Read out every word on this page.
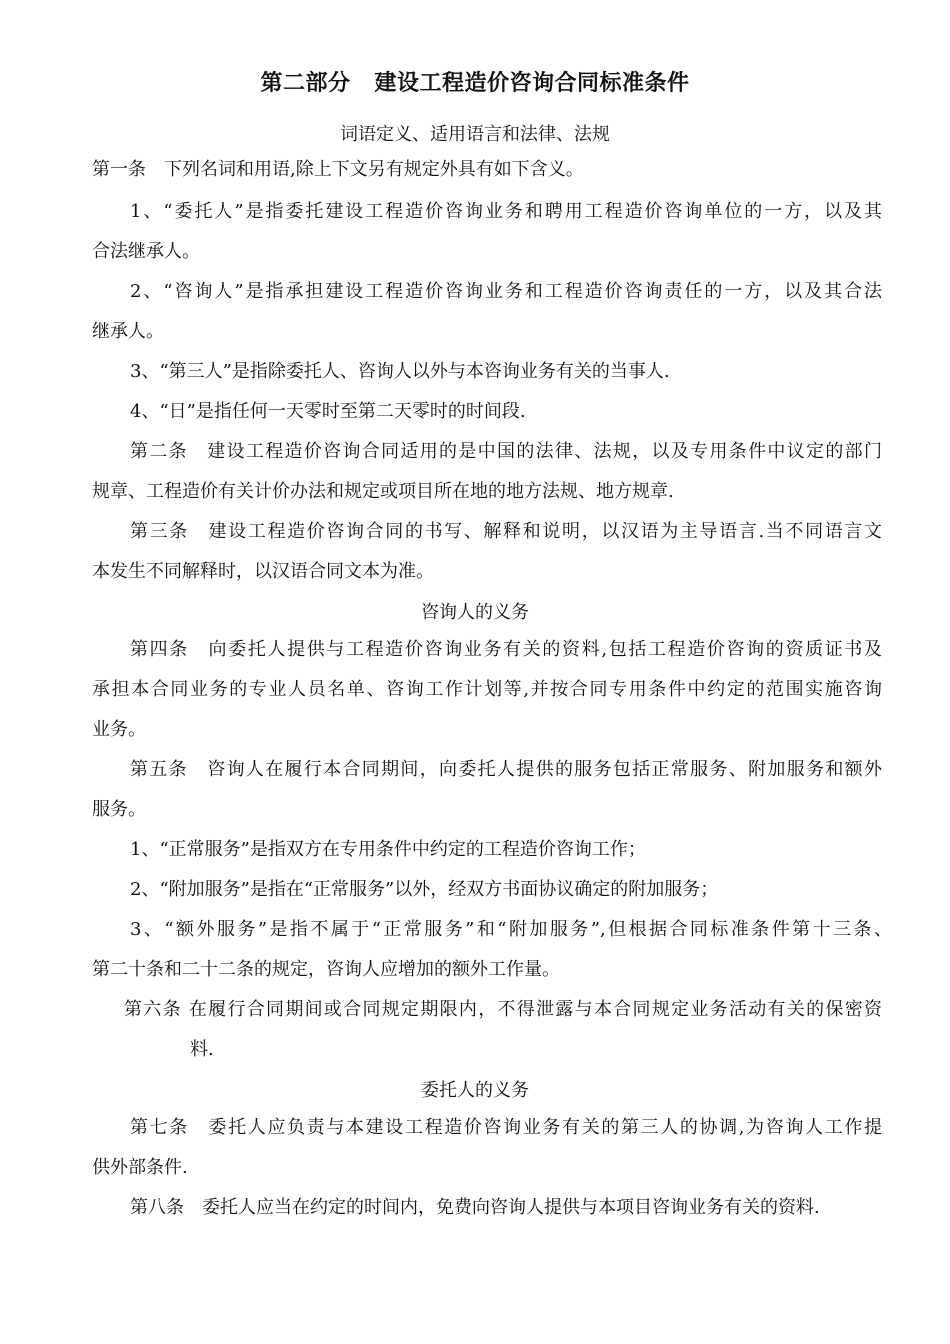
第二部分 建设工程造价咨询合同标准条件
词语定义、适用语言和法律、法规
第一条　下列名词和用语,除上下文另有规定外具有如下含义。
1、“委托人”是指委托建设工程造价咨询业务和聘用工程造价咨询单位的一方，以及其
合法继承人。
2、“咨询人”是指承担建设工程造价咨询业务和工程造价咨询责任的一方，以及其合法
继承人。
3、“第三人”是指除委托人、咨询人以外与本咨询业务有关的当事人.
4、“日”是指任何一天零时至第二天零时的时间段.
第二条　建设工程造价咨询合同适用的是中国的法律、法规，以及专用条件中议定的部门
规章、工程造价有关计价办法和规定或项目所在地的地方法规、地方规章.
第三条　建设工程造价咨询合同的书写、解释和说明，以汉语为主导语言.当不同语言文
本发生不同解释时，以汉语合同文本为准。
咨询人的义务
第四条　向委托人提供与工程造价咨询业务有关的资料,包括工程造价咨询的资质证书及
承担本合同业务的专业人员名单、咨询工作计划等,并按合同专用条件中约定的范围实施咨询
业务。
第五条　咨询人在履行本合同期间，向委托人提供的服务包括正常服务、附加服务和额外
服务。
1、“正常服务”是指双方在专用条件中约定的工程造价咨询工作；
2、“附加服务”是指在“正常服务”以外，经双方书面协议确定的附加服务；
3、“额外服务”是指不属于“正常服务”和“附加服务”,但根据合同标准条件第十三条、
第二十条和二十二条的规定，咨询人应增加的额外工作量。
第六条 在履行合同期间或合同规定期限内，不得泄露与本合同规定业务活动有关的保密资
料.
委托人的义务
第七条　委托人应负责与本建设工程造价咨询业务有关的第三人的协调,为咨询人工作提
供外部条件.
第八条　委托人应当在约定的时间内，免费向咨询人提供与本项目咨询业务有关的资料.
